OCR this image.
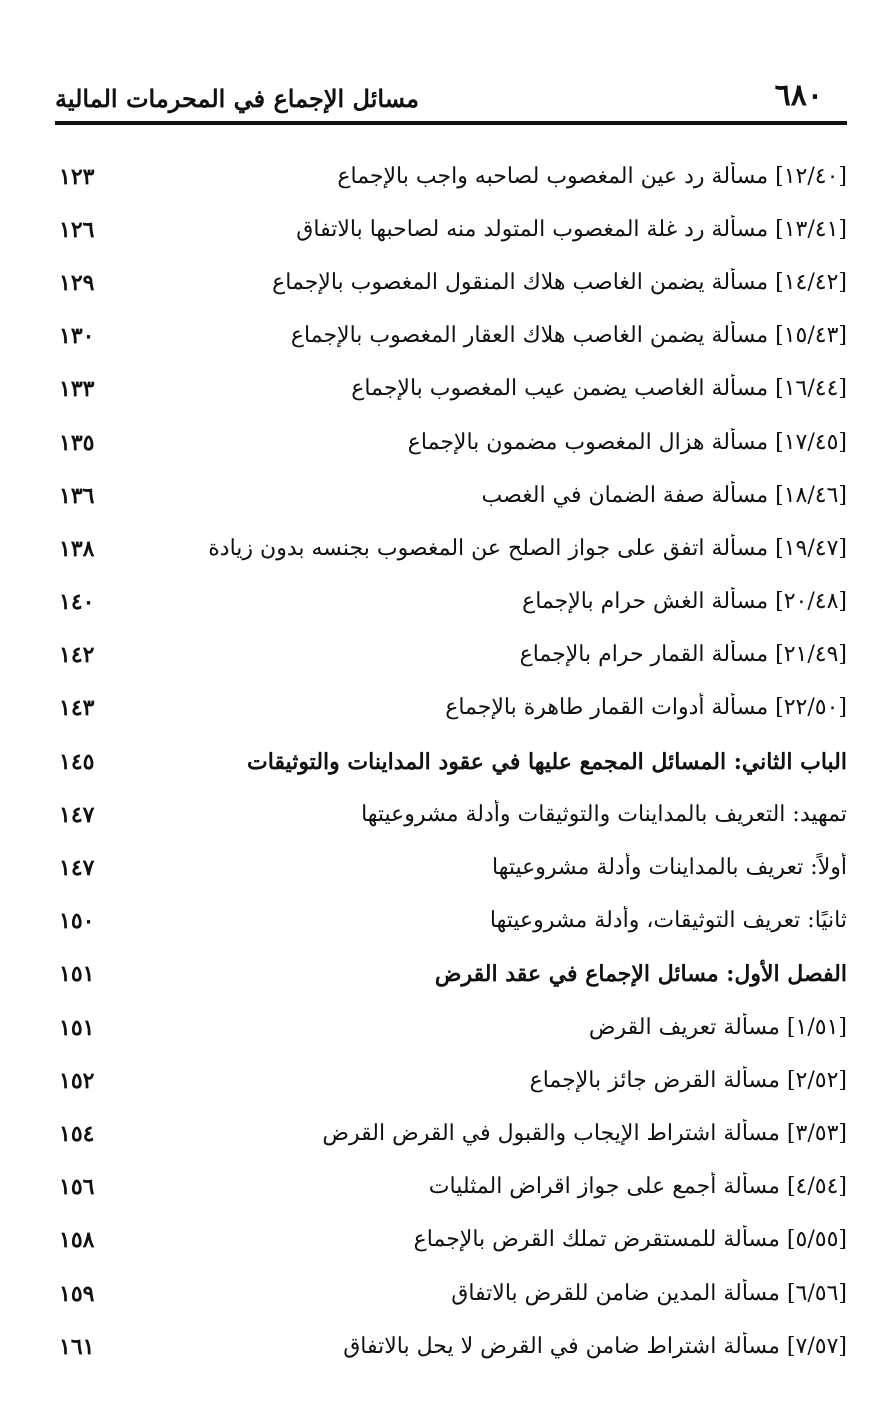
٦٨٠
مسائل الإجماع في المحرمات المالية
[١٢/٤٠] مسألة رد عين المغصوب لصاحبه واجب بالإجماع
١٢٣
[١٣/٤١] مسألة رد غلة المغصوب المتولد منه لصاحبها بالاتفاق
١٢٦
[١٤/٤٢] مسألة يضمن الغاصب هلاك المنقول المغصوب بالإجماع
١٢٩
[١٥/٤٣] مسألة يضمن الغاصب هلاك العقار المغصوب بالإجماع
١٣٠
[١٦/٤٤] مسألة الغاصب يضمن عيب المغصوب بالإجماع
١٣٣
[١٧/٤٥] مسألة هزال المغصوب مضمون بالإجماع
١٣٥
[١٨/٤٦] مسألة صفة الضمان في الغصب
١٣٦
[١٩/٤٧] مسألة اتفق على جواز الصلح عن المغصوب بجنسه بدون زيادة
١٣٨
[٢٠/٤٨] مسألة الغش حرام بالإجماع
١٤٠
[٢١/٤٩] مسألة القمار حرام بالإجماع
١٤٢
[٢٢/٥٠] مسألة أدوات القمار طاهرة بالإجماع
١٤٣
الباب الثاني: المسائل المجمع عليها في عقود المداينات والتوثيقات
١٤٥
تمهيد: التعريف بالمداينات والتوثيقات وأدلة مشروعيتها
١٤٧
أولاً: تعريف بالمداينات وأدلة مشروعيتها
١٤٧
ثانيًا: تعريف التوثيقات، وأدلة مشروعيتها
١٥٠
الفصل الأول: مسائل الإجماع في عقد القرض
١٥١
[١/٥١] مسألة تعريف القرض
١٥١
[٢/٥٢] مسألة القرض جائز بالإجماع
١٥٢
[٣/٥٣] مسألة اشتراط الإيجاب والقبول في القرض القرض
١٥٤
[٤/٥٤] مسألة أجمع على جواز اقراض المثليات
١٥٦
[٥/٥٥] مسألة للمستقرض تملك القرض بالإجماع
١٥٨
[٦/٥٦] مسألة المدين ضامن للقرض بالاتفاق
١٥٩
[٧/٥٧] مسألة اشتراط ضامن في القرض لا يحل بالاتفاق
١٦١
